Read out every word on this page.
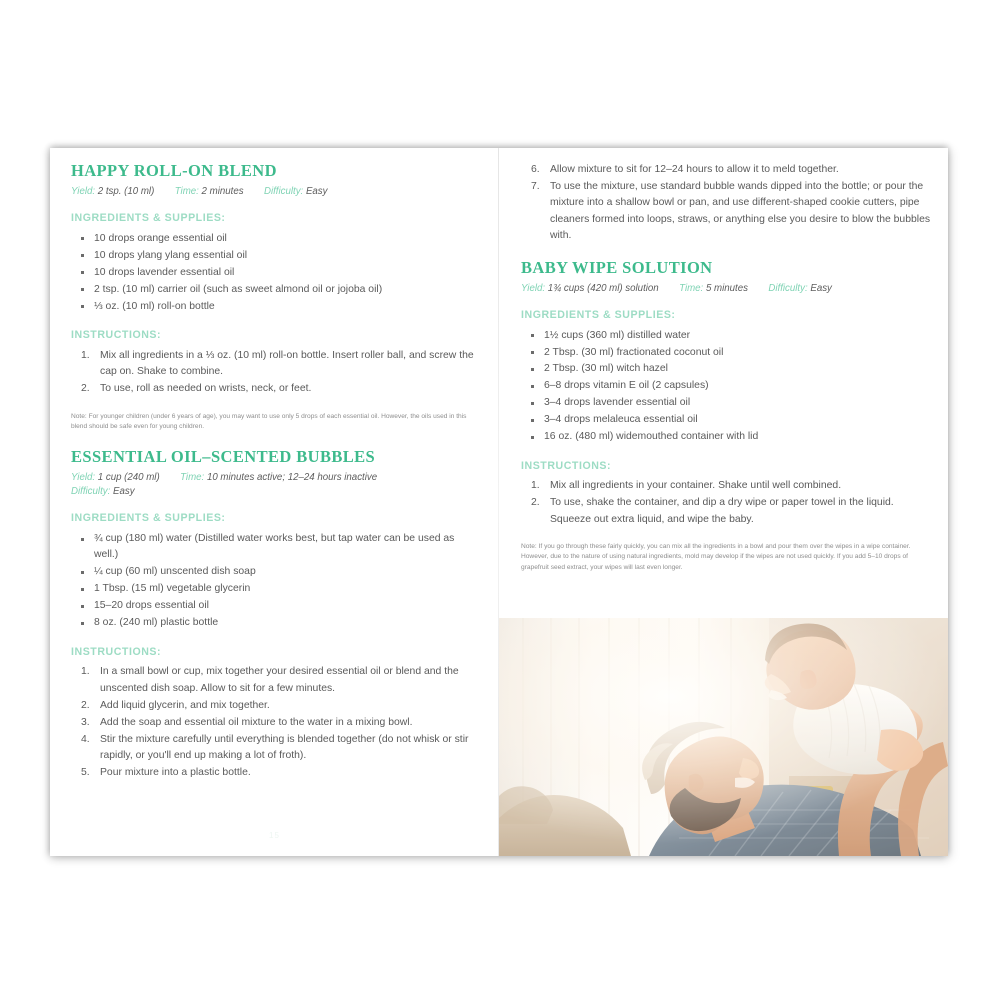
HAPPY ROLL-ON BLEND

Yield: 2 tsp. (10 ml) Time: 2 minutes Difficulty: Easy

INGREDIENTS & SUPPLIES:
10 drops orange essential oil
10 drops ylang ylang essential oil
10 drops lavender essential oil
2 tsp. (10 ml) carrier oil (such as sweet almond oil or jojoba oil)
⅓ oz. (10 ml) roll-on bottle
INSTRUCTIONS:
Mix all ingredients in a ⅓ oz. (10 ml) roll-on bottle. Insert roller ball, and screw the cap on. Shake to combine.
To use, roll as needed on wrists, neck, or feet.

Note: For younger children (under 6 years of age), you may want to use only 5 drops of each essential oil. However, the oils used in this blend should be safe even for young children.

ESSENTIAL OIL–SCENTED BUBBLES

Yield: 1 cup (240 ml) Time: 10 minutes active; 12–24 hours inactive
Difficulty: Easy

INGREDIENTS & SUPPLIES:
¾ cup (180 ml) water (Distilled water works best, but tap water can be used as well.)
¼ cup (60 ml) unscented dish soap
1 Tbsp. (15 ml) vegetable glycerin
15–20 drops essential oil
8 oz. (240 ml) plastic bottle
INSTRUCTIONS:
In a small bowl or cup, mix together your desired essential oil or blend and the unscented dish soap. Allow to sit for a few minutes.
Add liquid glycerin, and mix together.
Add the soap and essential oil mixture to the water in a mixing bowl.
Stir the mixture carefully until everything is blended together (do not whisk or stir rapidly, or you'll end up making a lot of froth).
Pour mixture into a plastic bottle.
15
Allow mixture to sit for 12–24 hours to allow it to meld together.
To use the mixture, use standard bubble wands dipped into the bottle; or pour the mixture into a shallow bowl or pan, and use different-shaped cookie cutters, pipe cleaners formed into loops, straws, or anything else you desire to blow the bubbles with.
BABY WIPE SOLUTION

Yield: 1¾ cups (420 ml) solution Time: 5 minutes Difficulty: Easy

INGREDIENTS & SUPPLIES:
1½ cups (360 ml) distilled water
2 Tbsp. (30 ml) fractionated coconut oil
2 Tbsp. (30 ml) witch hazel
6–8 drops vitamin E oil (2 capsules)
3–4 drops lavender essential oil
3–4 drops melaleuca essential oil
16 oz. (480 ml) widemouthed container with lid
INSTRUCTIONS:
Mix all ingredients in your container. Shake until well combined.
To use, shake the container, and dip a dry wipe or paper towel in the liquid. Squeeze out extra liquid, and wipe the baby.

Note: If you go through these fairly quickly, you can mix all the ingredients in a bowl and pour them over the wipes in a wipe container. However, due to the nature of using natural ingredients, mold may develop if the wipes are not used quickly. If you add 5–10 drops of grapefruit seed extract, your wipes will last even longer.
